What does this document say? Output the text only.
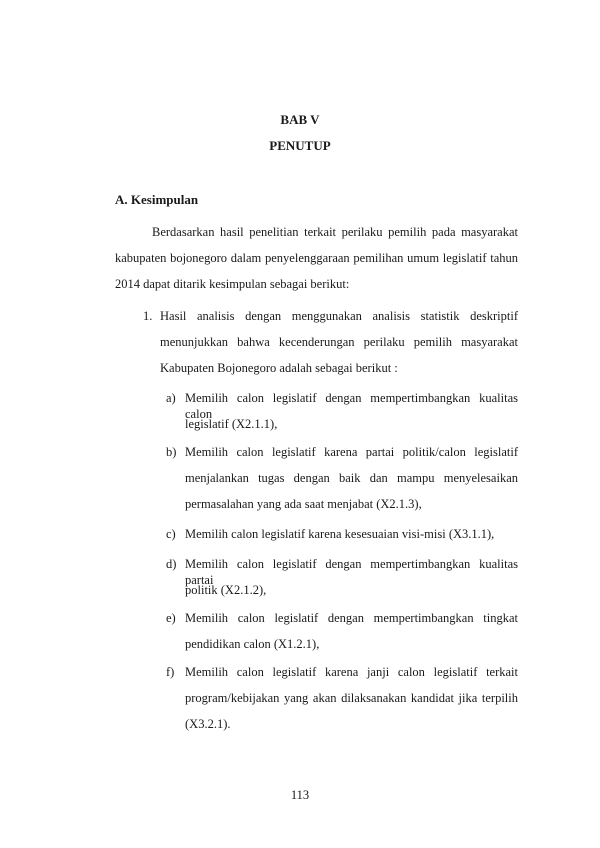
BAB V

PENUTUP

A. Kesimpulan

Berdasarkan hasil penelitian terkait perilaku pemilih pada masyarakat
kabupaten bojonegoro dalam penyelenggaraan pemilihan umum legislatif tahun
2014 dapat ditarik kesimpulan sebagai berikut:
1. Hasil analisis dengan menggunakan analisis statistik deskriptif
menunjukkan bahwa kecenderungan perilaku pemilih masyarakat
Kabupaten Bojonegoro adalah sebagai berikut :
a) Memilih calon legislatif dengan mempertimbangkan kualitas calon
legislatif (X2.1.1),
b) Memilih calon legislatif karena partai politik/calon legislatif
menjalankan tugas dengan baik dan mampu menyelesaikan
permasalahan yang ada saat menjabat (X2.1.3),
c) Memilih calon legislatif karena kesesuaian visi-misi (X3.1.1),
d) Memilih calon legislatif dengan mempertimbangkan kualitas partai
politik (X2.1.2),
e) Memilih calon legislatif dengan mempertimbangkan tingkat
pendidikan calon (X1.2.1),
f) Memilih calon legislatif karena janji calon legislatif terkait
program/kebijakan yang akan dilaksanakan kandidat jika terpilih
(X3.2.1).
113
